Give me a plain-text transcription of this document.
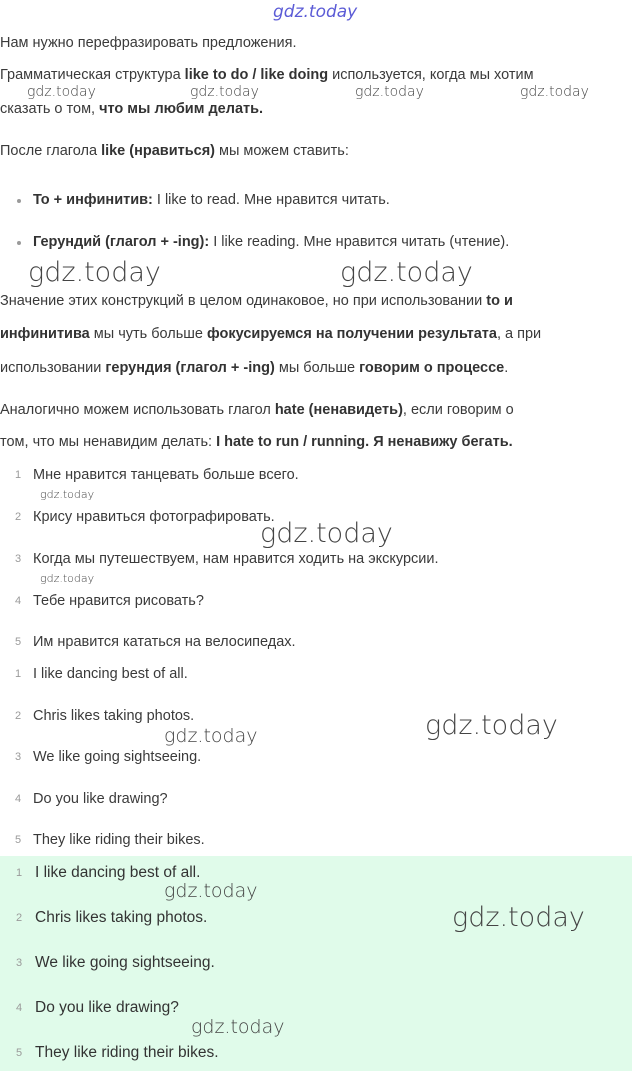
gdz.today
Нам нужно перефразировать предложения.
Грамматическая структура like to do / like doing используется, когда мы хотим
сказать о том, что мы любим делать.
После глагола like (нравиться) мы можем ставить:
To + инфинитив: I like to read. Мне нравится читать.
Герундий (глагол + -ing): I like reading. Мне нравится читать (чтение).
Значение этих конструкций в целом одинаковое, но при использовании to и
инфинитива мы чуть больше фокусируемся на получении результата, а при
использовании герундия (глагол + -ing) мы больше говорим о процессе.
Аналогично можем использовать глагол hate (ненавидеть), если говорим о
том, что мы ненавидим делать: I hate to run / running. Я ненавижу бегать.
1 Мне нравится танцевать больше всего.
2 Крису нравиться фотографировать.
3 Когда мы путешествуем, нам нравится ходить на экскурсии.
4 Тебе нравится рисовать?
5 Им нравится кататься на велосипедах.
1 I like dancing best of all.
2 Chris likes taking photos.
3 We like going sightseeing.
4 Do you like drawing?
5 They like riding their bikes.
1 I like dancing best of all.
2 Chris likes taking photos.
3 We like going sightseeing.
4 Do you like drawing?
5 They like riding their bikes.
gdz.today	gdz.today	gdz.today	gdz.today
gdz.today	gdz.today
gdz.today
gdz.today
gdz.today
gdz.today	gdz.today
gdz.today
gdz.today
gdz.today
